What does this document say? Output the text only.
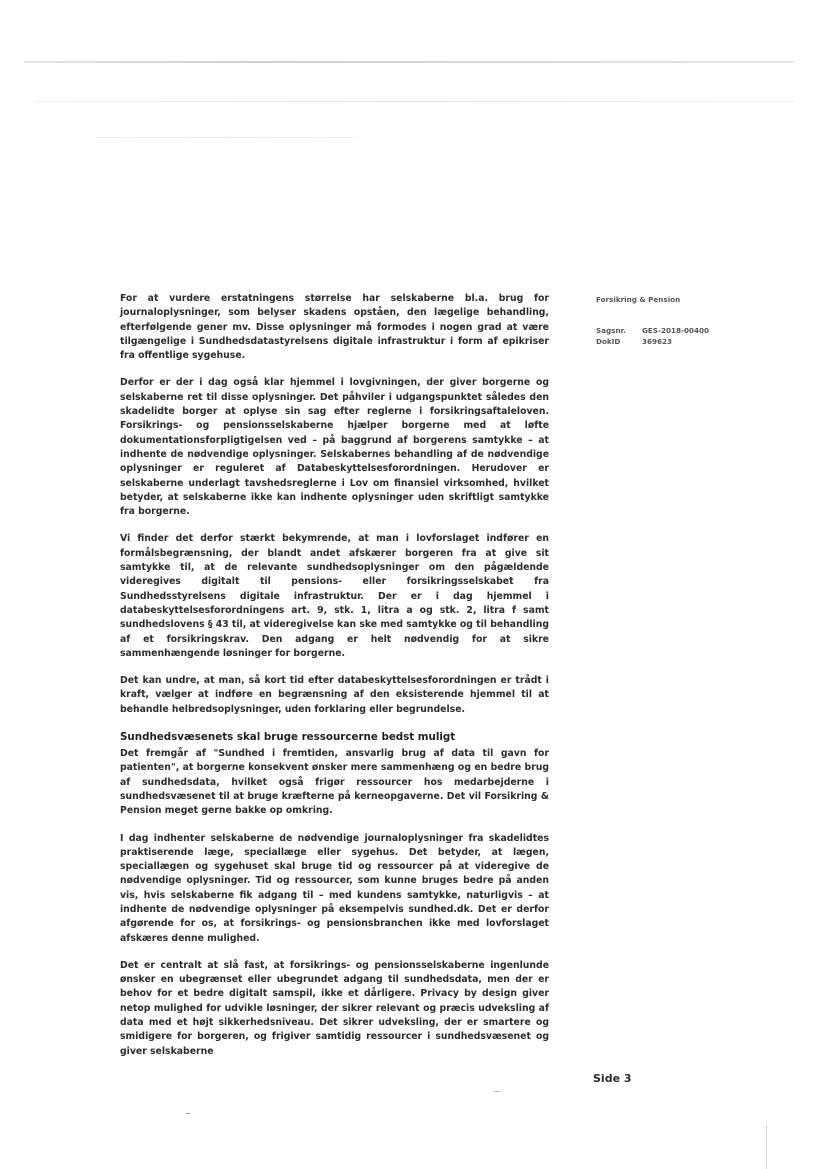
Forsikring & Pension
Sagsnr.	GES-2018-00400
DokID	369623

For at vurdere erstatningens størrelse har selskaberne bl.a. brug for journaloplysninger, som belyser skadens opståen, den lægelige behandling, efterfølgende gener mv. Disse oplysninger må formodes i nogen grad at være tilgængelige i Sundhedsdatastyrelsens digitale infrastruktur i form af epikriser fra offentlige sygehuse.

Derfor er der i dag også klar hjemmel i lovgivningen, der giver borgerne og selskaberne ret til disse oplysninger. Det påhviler i udgangspunktet således den skadelidte borger at oplyse sin sag efter reglerne i forsikringsaftaleloven. Forsikrings- og pensionsselskaberne hjælper borgerne med at løfte dokumentationsforpligtigelsen ved – på baggrund af borgerens samtykke – at indhente de nødvendige oplysninger. Selskabernes behandling af de nødvendige oplysninger er reguleret af Databeskyttelsesforordningen. Herudover er selskaberne underlagt tavshedsreglerne i Lov om finansiel virksomhed, hvilket betyder, at selskaberne ikke kan indhente oplysninger uden skriftligt samtykke fra borgerne.

Vi finder det derfor stærkt bekymrende, at man i lovforslaget indfører en formålsbegrænsning, der blandt andet afskærer borgeren fra at give sit samtykke til, at de relevante sundhedsoplysninger om den pågældende videregives digitalt til pensions- eller forsikringsselskabet fra Sundhedsstyrelsens digitale infrastruktur. Der er i dag hjemmel i databeskyttelsesforordningens art. 9, stk. 1, litra a og stk. 2, litra f samt sundhedslovens § 43 til, at videregivelse kan ske med samtykke og til behandling af et forsikringskrav. Den adgang er helt nødvendig for at sikre sammenhængende løsninger for borgerne.

Det kan undre, at man, så kort tid efter databeskyttelsesforordningen er trådt i kraft, vælger at indføre en begrænsning af den eksisterende hjemmel til at behandle helbredsoplysninger, uden forklaring eller begrundelse.

Sundhedsvæsenets skal bruge ressourcerne bedst muligt

Det fremgår af "Sundhed i fremtiden, ansvarlig brug af data til gavn for patienten", at borgerne konsekvent ønsker mere sammenhæng og en bedre brug af sundhedsdata, hvilket også frigør ressourcer hos medarbejderne i sundhedsvæsenet til at bruge kræfterne på kerneopgaverne. Det vil Forsikring & Pension meget gerne bakke op omkring.

I dag indhenter selskaberne de nødvendige journaloplysninger fra skadelidtes praktiserende læge, speciallæge eller sygehus. Det betyder, at lægen, speciallægen og sygehuset skal bruge tid og ressourcer på at videregive de nødvendige oplysninger. Tid og ressourcer, som kunne bruges bedre på anden vis, hvis selskaberne fik adgang til – med kundens samtykke, naturligvis – at indhente de nødvendige oplysninger på eksempelvis sundhed.dk. Det er derfor afgørende for os, at forsikrings- og pensionsbranchen ikke med lovforslaget afskæres denne mulighed.

Det er centralt at slå fast, at forsikrings- og pensionsselskaberne ingenlunde ønsker en ubegrænset eller ubegrundet adgang til sundhedsdata, men der er behov for et bedre digitalt samspil, ikke et dårligere. Privacy by design giver netop mulighed for udvikle løsninger, der sikrer relevant og præcis udveksling af data med et højt sikkerhedsniveau. Det sikrer udveksling, der er smartere og smidigere for borgeren, og frigiver samtidig ressourcer i sundhedsvæsenet og giver selskaberne

Side 3
